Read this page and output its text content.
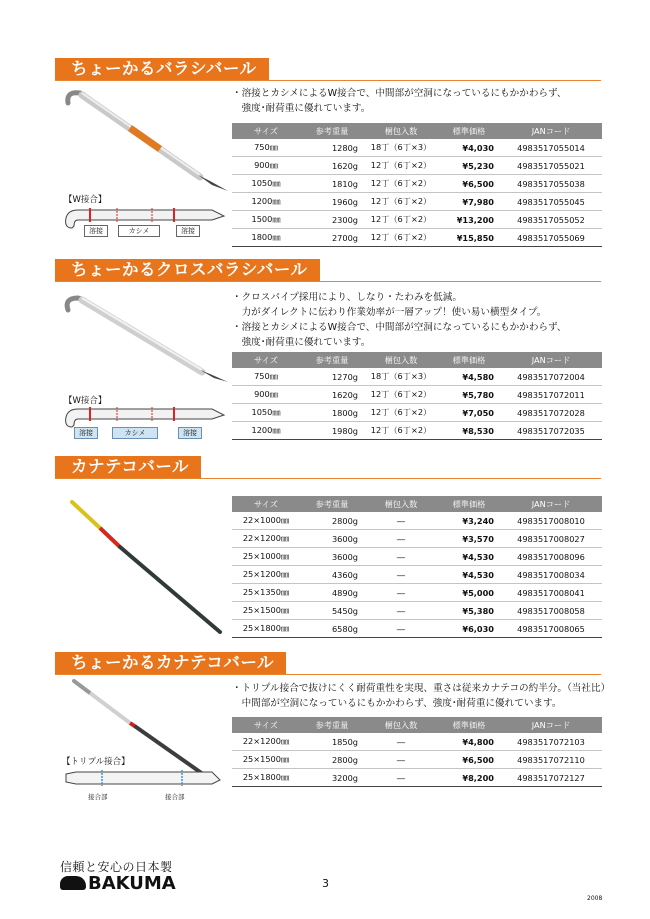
ちょーかるバラシバール
・溶接とカシメによるW接合で、中間部が空洞になっているにもかかわらず、
　強度･耐荷重に優れています。
サイズ	参考重量	梱包入数	標準価格	JANコード
750㎜	1280g	18丁（6丁×3）	¥4,030	4983517055014
900㎜	1620g	12丁（6丁×2）	¥5,230	4983517055021
1050㎜	1810g	12丁（6丁×2）	¥6,500	4983517055038
1200㎜	1960g	12丁（6丁×2）	¥7,980	4983517055045
1500㎜	2300g	12丁（6丁×2）	¥13,200	4983517055052
1800㎜	2700g	12丁（6丁×2）	¥15,850	4983517055069
【W接合】
溶接	カシメ	溶接
ちょーかるクロスバラシバール
・クロスパイプ採用により、しなり・たわみを低減。
　力がダイレクトに伝わり作業効率が一層アップ！使い易い横型タイプ。
・溶接とカシメによるW接合で、中間部が空洞になっているにもかかわらず、
　強度･耐荷重に優れています。
サイズ	参考重量	梱包入数	標準価格	JANコード
750㎜	1270g	18丁（6丁×3）	¥4,580	4983517072004
900㎜	1620g	12丁（6丁×2）	¥5,780	4983517072011
1050㎜	1800g	12丁（6丁×2）	¥7,050	4983517072028
1200㎜	1980g	12丁（6丁×2）	¥8,530	4983517072035
【W接合】
溶接	カシメ	溶接
カナテコバール
サイズ	参考重量	梱包入数	標準価格	JANコード
22×1000㎜	2800g	―	¥3,240	4983517008010
22×1200㎜	3600g	―	¥3,570	4983517008027
25×1000㎜	3600g	―	¥4,530	4983517008096
25×1200㎜	4360g	―	¥4,530	4983517008034
25×1350㎜	4890g	―	¥5,000	4983517008041
25×1500㎜	5450g	―	¥5,380	4983517008058
25×1800㎜	6580g	―	¥6,030	4983517008065
ちょーかるカナテコバール
・トリプル接合で抜けにくく耐荷重性を実現、重さは従来カナテコの約半分。（当社比）
　中間部が空洞になっているにもかかわらず、強度･耐荷重に優れています。
サイズ	参考重量	梱包入数	標準価格	JANコード
22×1200㎜	1850g	―	¥4,800	4983517072103
25×1500㎜	2800g	―	¥6,500	4983517072110
25×1800㎜	3200g	―	¥8,200	4983517072127
【トリプル接合】
接合部	接合部
信頼と安心の日本製
BAKUMA	3
2008
